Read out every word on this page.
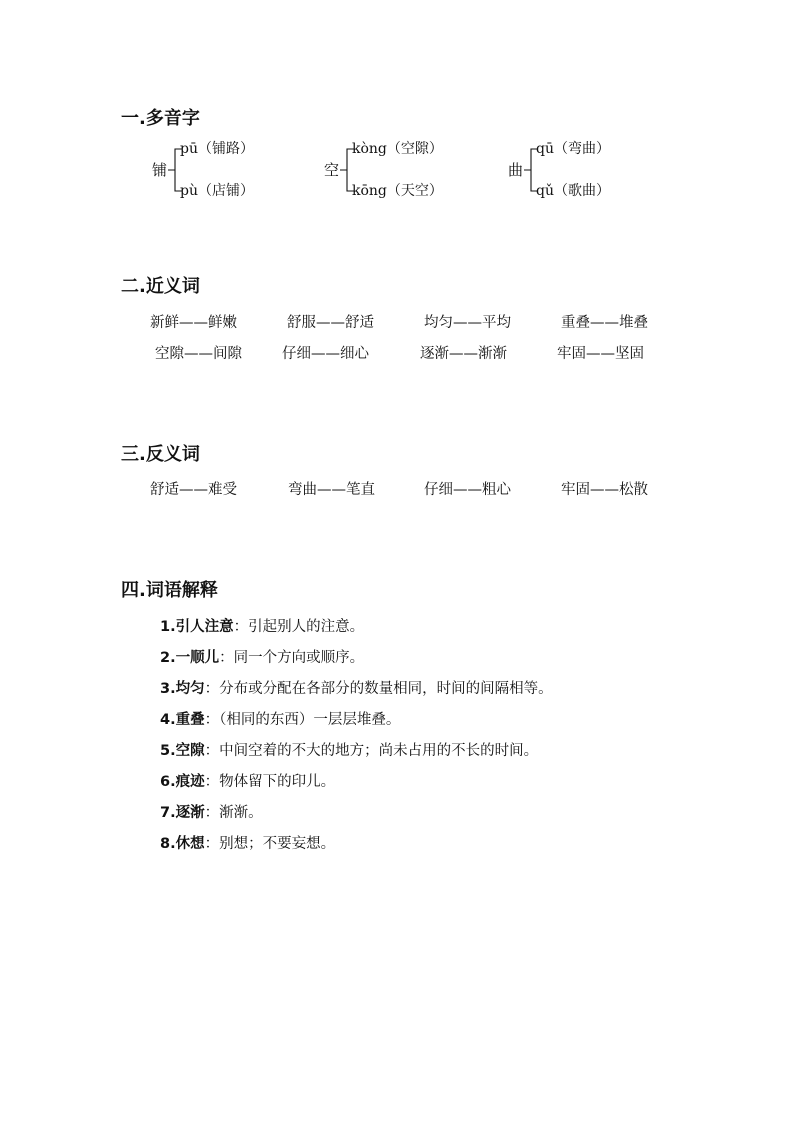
一.多音字
铺
pū（铺路）
pù（店铺）
空
kòng（空隙）
kōng（天空）
曲
qū（弯曲）
qǔ（歌曲）
二.近义词
新鲜——鲜嫩	舒服——舒适	均匀——平均	重叠——堆叠
空隙——间隙	仔细——细心	逐渐——渐渐	牢固——坚固
三.反义词
舒适——难受	弯曲——笔直	仔细——粗心	牢固——松散
四.词语解释
1.引人注意：引起别人的注意。
2.一顺儿：同一个方向或顺序。
3.均匀：分布或分配在各部分的数量相同，时间的间隔相等。
4.重叠：（相同的东西）一层层堆叠。
5.空隙：中间空着的不大的地方；尚未占用的不长的时间。
6.痕迹：物体留下的印儿。
7.逐渐：渐渐。
8.休想：别想；不要妄想。
